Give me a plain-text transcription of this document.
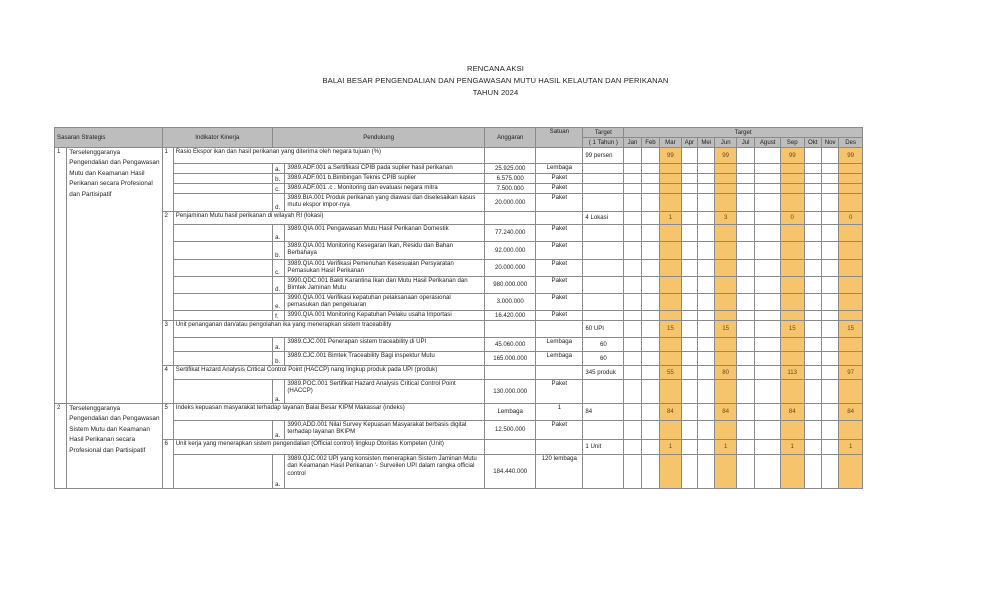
RENCANA AKSI
BALAI BESAR PENGENDALIAN DAN PENGAWASAN MUTU HASIL KELAUTAN DAN PERIKANAN
TAHUN 2024
Sasaran Strategis		Indikator Kinerja		Pendukung		Anggaran	Satuan	Target	Target											
								( 1 Tahun )	Jan	Feb	Mar	Apr	Mei	Jun	Jul	Agust	Sep	Okt	Nov	Des
1	Terselenggaranya Pengendalian dan Pengawasan Mutu dan Keamanan Hasil Perikanan secara Profesional dan Partisipatif	1	Rasio Ekspor ikan dan hasil perikanan yang diterima oleh negara tujuan (%)					99 persen			99			99			99			99
				a.	3989.ADF.001 a.Sertifikasi CPIB pada suplier hasil perikanan	25.925.000	Lembaga													
				b.	3989.ADF.001 b.Bimbingan Teknis CPIB suplier	6.575.000	Paket													
				c.	3989.ADF.001 .c . Monitoring dan evaluasi negara mitra	7.500.000	Paket													
				d.	3989.BIA.001 Produk perikanan yang diawasi dan diselesaikan kasus mutu ekspor impor-nya	20.000.000	Paket													
		2	Penjaminan Mutu hasil perikanan di wilayah RI (lokasi)					4 Lokasi			1			3			0			0
				a.	3989.QIA.001 Pengawasan Mutu Hasil Perikanan Domestik	77.240.000	Paket													
				b.	3989.QIA.001 Monitoring Kesegaran Ikan, Residu dan Bahan Berbahaya	92.000.000	Paket													
				c.	3989.QIA.001 Verifikasi Pemenuhan Kesesuaian Persyaratan Pemasukan Hasil Perikanan	20.000.000	Paket													
				d.	3990.QDC.001 Bakti Karantina Ikan dan Mutu Hasil Perikanan dan Bimtek Jaminan Mutu	980.000.000	Paket													
				e.	3990.QIA.001 Verifikasi kepatuhan pelaksanaan operasional pemasukan dan pengeluaran	3.000.000	Paket													
				f.	3990.QIA.001 Monitoring Kepatuhan Pelaku usaha Importasi	16.420.000	Paket													
		3	Unit penanganan dan/atau pengolahan ika yang menerapkan sistem traceability					60 UPI			15			15			15			15
				a.	3989.CJC.001 Penerapan sistem traceability di UPI	45.060.000	Lembaga	60												
				b.	3989.CJC.001 Bimtek Traceability Bagi inspektur Mutu	165.000.000	Lembaga	60												
		4	Sertifikat Hazard Analysis Critical Control Point (HACCP) nang lingkup produk pada UPI (produk)					345 produk			55			80			113			97
				a.	3989.POC.001 Sertifikat Hazard Analysis Critical Control Point (HACCP)	130.000.000	Paket													
2	Terselenggaranya Pengendalian dan Pengawasan Sistem Mutu dan Keamanan Hasil Perikanan secara Profesional dan Partisipatif	5	Indeks kepuasan masyarakat terhadap layanan Balai Besar KIPM Makassar (indeks)			Lembaga	1	84			84			84			84			84
				a.	3990.ADD.001 Nilai Survey Kepuasan Masyarakat berbasis digital terhadap layanan BKIPM	12.500.000	Paket													
		6	Unit kerja yang menerapkan sistem pengendalian (Official control) lingkup Otoritas Kompeten (Unit)					1 Unit			1			1			1			1
				a.	3989.QJC.002 UPI yang konsisten menerapkan Sistem Jaminan Mutu dan Keamanan Hasil Perikanan '- Surveilen UPI dalam rangka official control	184.440.000	120 lembaga													
